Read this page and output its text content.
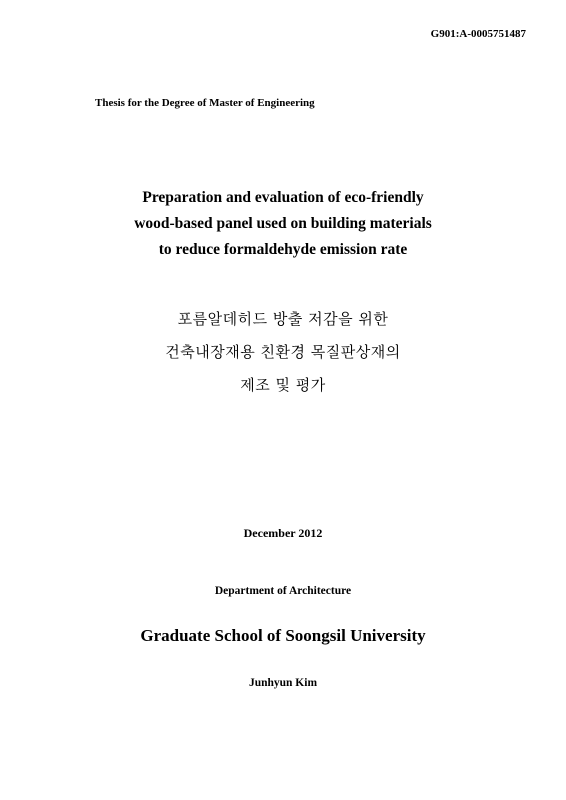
G901:A-0005751487
Thesis for the Degree of Master of Engineering
Preparation and evaluation of eco-friendly
wood-based panel used on building materials
to reduce formaldehyde emission rate
포름알데히드 방출 저감을 위한
건축내장재용 친환경 목질판상재의
제조 및 평가
December 2012
Department of Architecture
Graduate School of Soongsil University
Junhyun Kim
